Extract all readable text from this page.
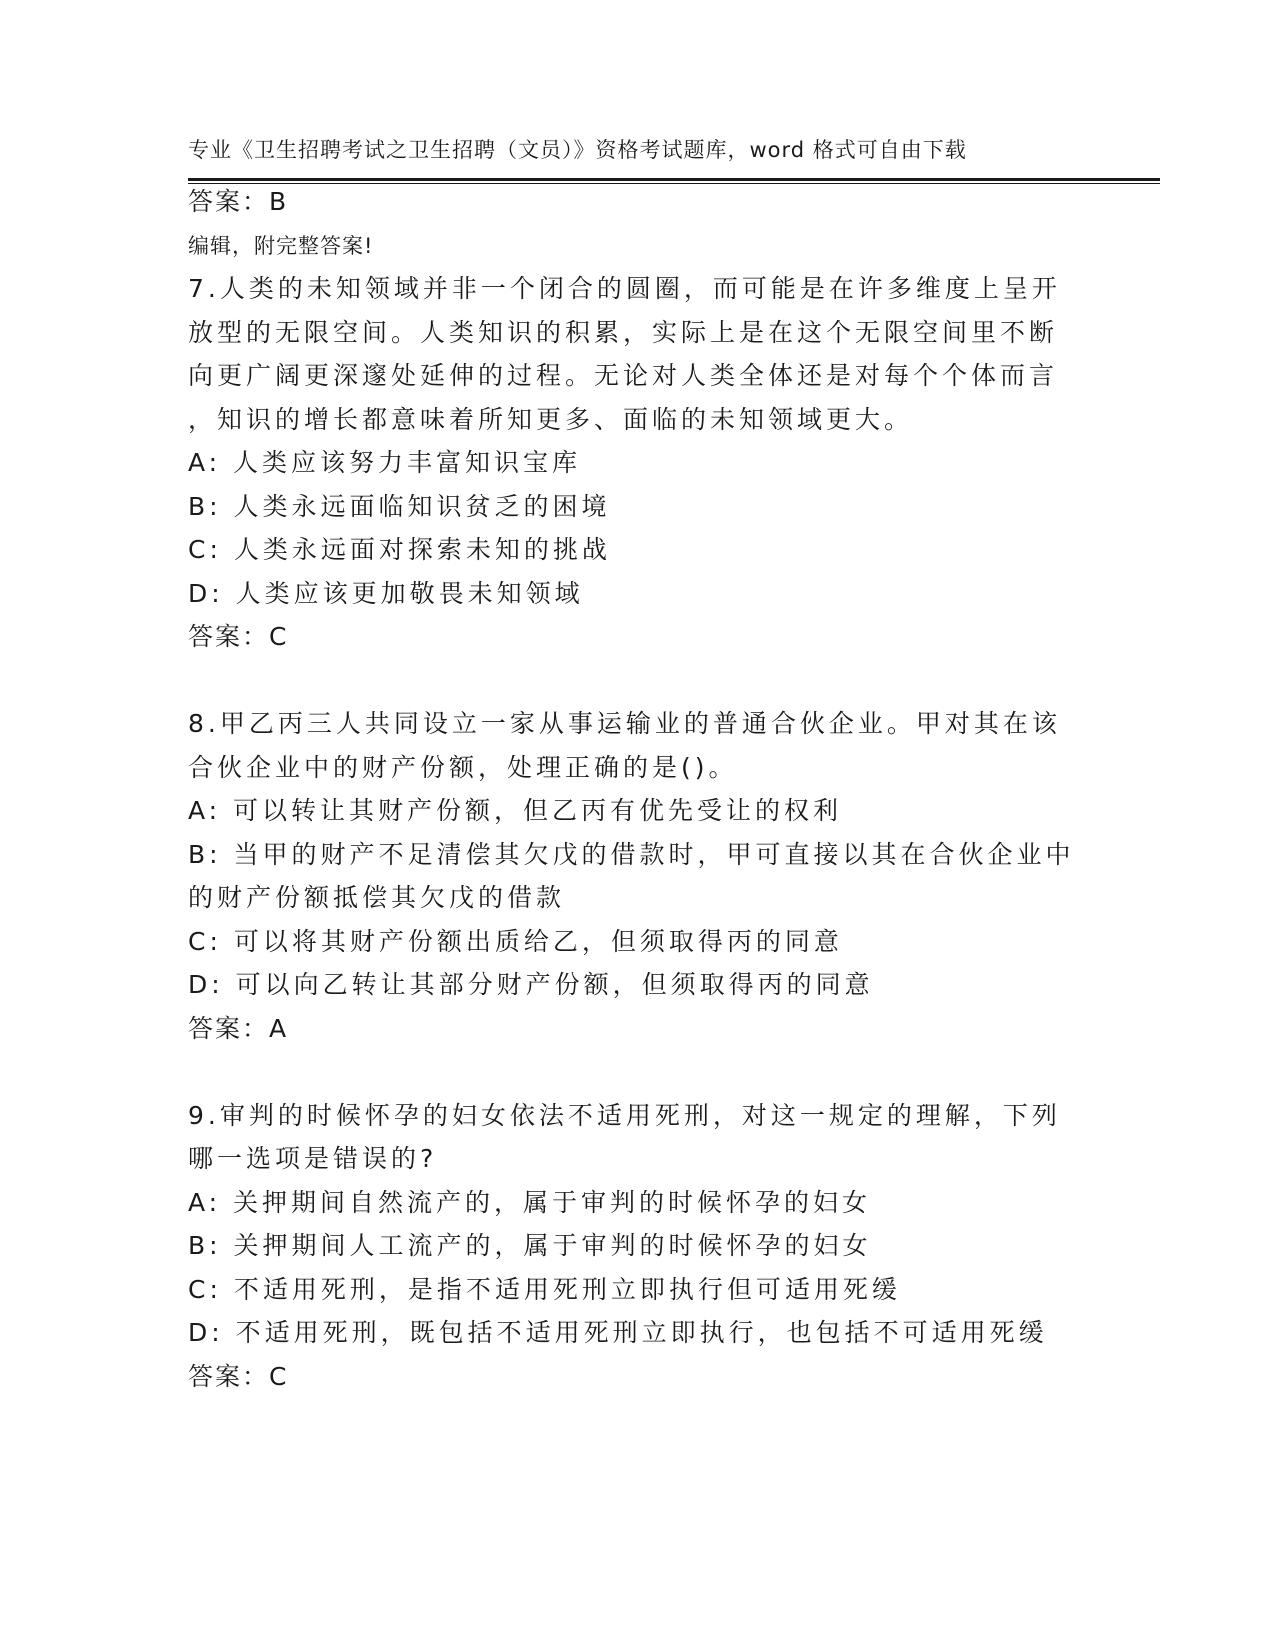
专业《卫生招聘考试之卫生招聘（文员）》资格考试题库，word 格式可自由下载

编辑，附完整答案!

答案：B
7.人类的未知领域并非一个闭合的圆圈，而可能是在许多维度上呈开
放型的无限空间。人类知识的积累，实际上是在这个无限空间里不断
向更广阔更深邃处延伸的过程。无论对人类全体还是对每个个体而言
，知识的增长都意味着所知更多、面临的未知领域更大。
A: 人类应该努力丰富知识宝库
B: 人类永远面临知识贫乏的困境
C: 人类永远面对探索未知的挑战
D: 人类应该更加敬畏未知领域
答案：C
8.甲乙丙三人共同设立一家从事运输业的普通合伙企业。甲对其在该
合伙企业中的财产份额，处理正确的是()。
A: 可以转让其财产份额，但乙丙有优先受让的权利
B: 当甲的财产不足清偿其欠戊的借款时，甲可直接以其在合伙企业中
的财产份额抵偿其欠戊的借款
C: 可以将其财产份额出质给乙，但须取得丙的同意
D: 可以向乙转让其部分财产份额，但须取得丙的同意
答案：A
9.审判的时候怀孕的妇女依法不适用死刑，对这一规定的理解，下列
哪一选项是错误的?
A: 关押期间自然流产的，属于审判的时候怀孕的妇女
B: 关押期间人工流产的，属于审判的时候怀孕的妇女
C: 不适用死刑，是指不适用死刑立即执行但可适用死缓
D: 不适用死刑，既包括不适用死刑立即执行，也包括不可适用死缓
答案：C
